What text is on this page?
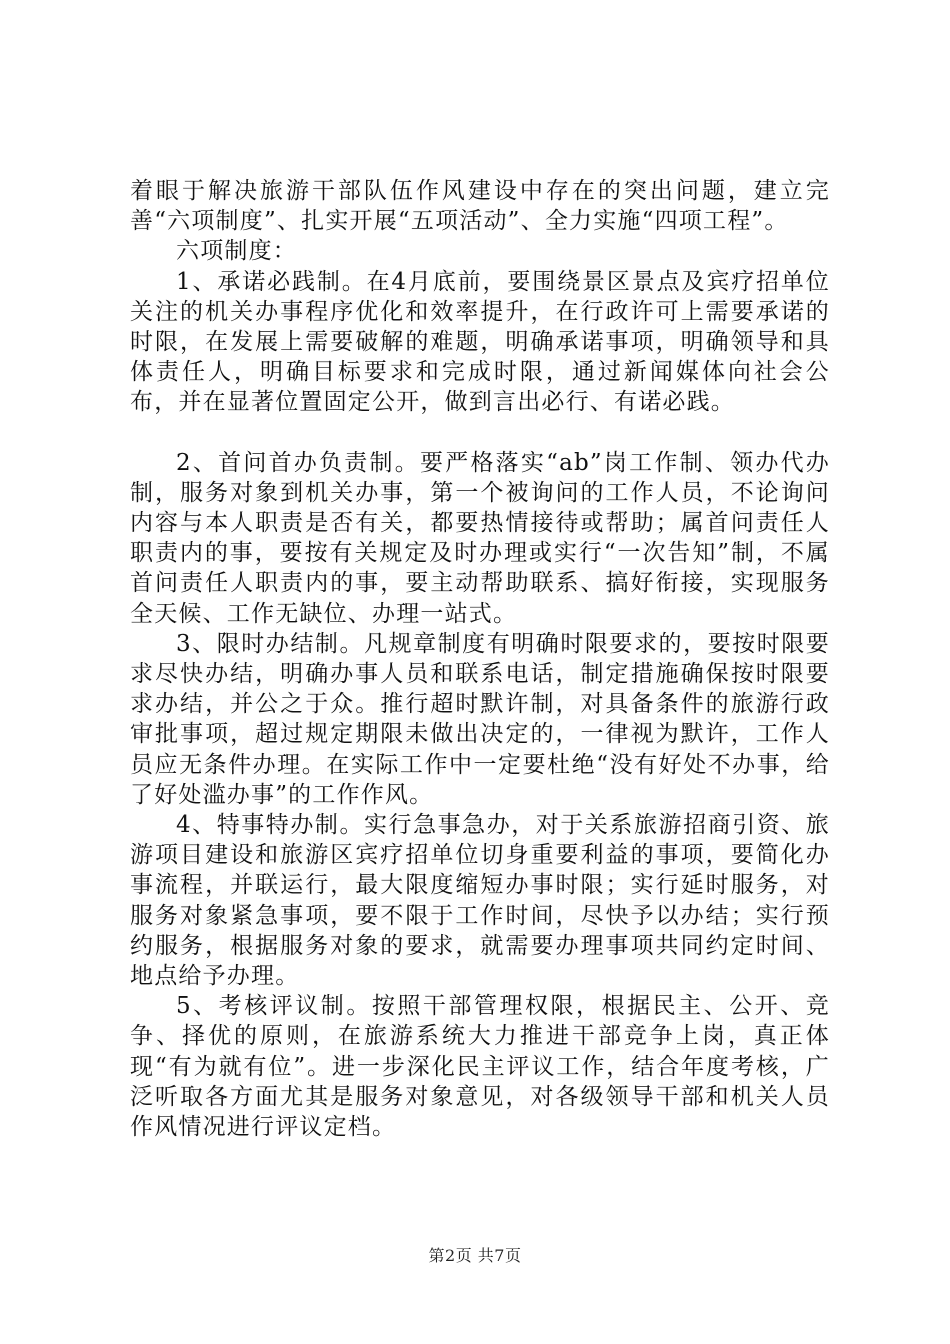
着眼于解决旅游干部队伍作风建设中存在的突出问题，建立完善“六项制度”、扎实开展“五项活动”、全力实施“四项工程”。

六项制度：

1、承诺必践制。在4月底前，要围绕景区景点及宾疗招单位关注的机关办事程序优化和效率提升，在行政许可上需要承诺的时限，在发展上需要破解的难题，明确承诺事项，明确领导和具体责任人，明确目标要求和完成时限，通过新闻媒体向社会公布，并在显著位置固定公开，做到言出必行、有诺必践。

2、首问首办负责制。要严格落实“ab”岗工作制、领办代办制，服务对象到机关办事，第一个被询问的工作人员，不论询问内容与本人职责是否有关，都要热情接待或帮助；属首问责任人职责内的事，要按有关规定及时办理或实行“一次告知”制，不属首问责任人职责内的事，要主动帮助联系、搞好衔接，实现服务全天候、工作无缺位、办理一站式。

3、限时办结制。凡规章制度有明确时限要求的，要按时限要求尽快办结，明确办事人员和联系电话，制定措施确保按时限要求办结，并公之于众。推行超时默许制，对具备条件的旅游行政审批事项，超过规定期限未做出决定的，一律视为默许，工作人员应无条件办理。在实际工作中一定要杜绝“没有好处不办事，给了好处滥办事”的工作作风。

4、特事特办制。实行急事急办，对于关系旅游招商引资、旅游项目建设和旅游区宾疗招单位切身重要利益的事项，要简化办事流程，并联运行，最大限度缩短办事时限；实行延时服务，对服务对象紧急事项，要不限于工作时间，尽快予以办结；实行预约服务，根据服务对象的要求，就需要办理事项共同约定时间、地点给予办理。

5、考核评议制。按照干部管理权限，根据民主、公开、竞争、择优的原则，在旅游系统大力推进干部竞争上岗，真正体现“有为就有位”。进一步深化民主评议工作，结合年度考核，广泛听取各方面尤其是服务对象意见，对各级领导干部和机关人员作风情况进行评议定档。

第2页 共7页
